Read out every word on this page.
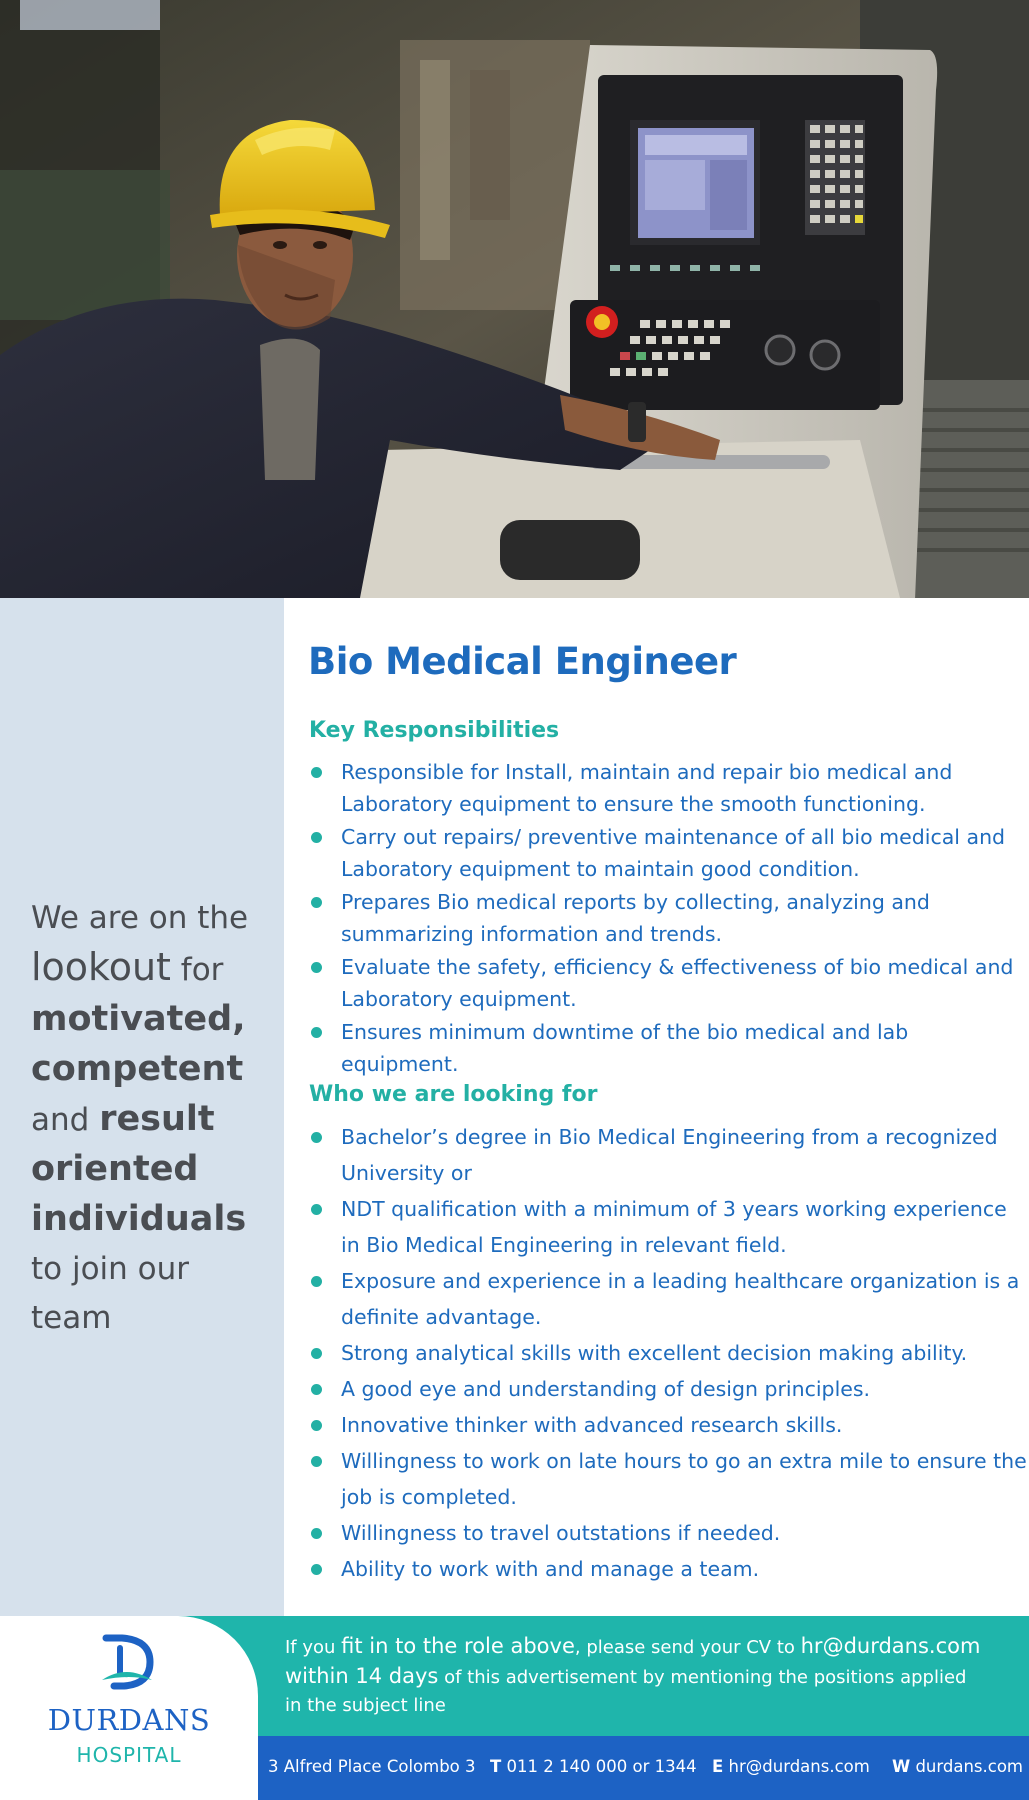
We are on the
lookout for
motivated,
competent
and result
oriented
individuals
to join our
team
Bio Medical Engineer
Key Responsibilities
Responsible for Install, maintain and repair bio medical and Laboratory equipment to ensure the smooth functioning.
Carry out repairs/ preventive maintenance of all bio medical and Laboratory equipment to maintain good condition.
Prepares Bio medical reports by collecting, analyzing and summarizing information and trends.
Evaluate the safety, efficiency & effectiveness of bio medical and Laboratory equipment.
Ensures minimum downtime of the bio medical and lab equipment.
Who we are looking for
Bachelor’s degree in Bio Medical Engineering from a recognized University or
NDT qualification with a minimum of 3 years working experience in Bio Medical Engineering in relevant field.
Exposure and experience in a leading healthcare organization is a definite advantage.
Strong analytical skills with excellent decision making ability.
A good eye and understanding of design principles.
Innovative thinker with advanced research skills.
Willingness to work on late hours to go an extra mile to ensure the job is completed.
Willingness to travel outstations if needed.
Ability to work with and manage a team.
DURDANS
HOSPITAL
If you fit in to the role above, please send your CV to hr@durdans.com
within 14 days of this advertisement by mentioning the positions applied
in the subject line
3 Alfred Place Colombo 3 T 011 2 140 000 or 1344 E hr@durdans.com W durdans.com
